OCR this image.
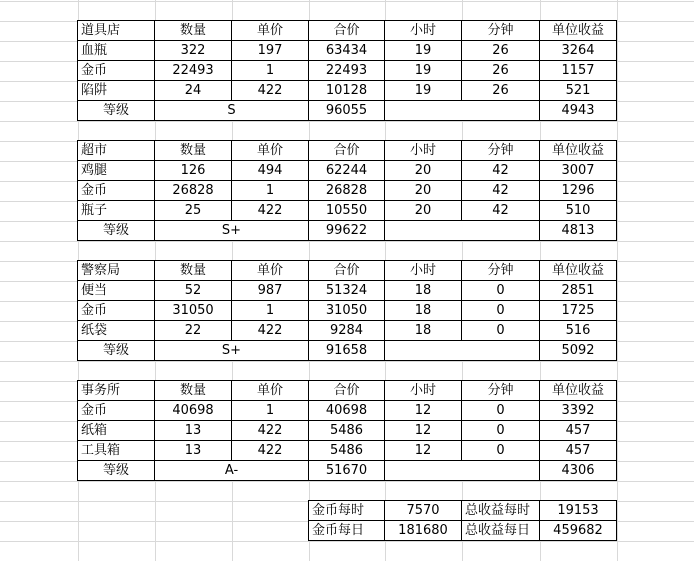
道具店	数量	单价	合价	小时	分钟	单位收益
血瓶	322	197	63434	19	26	3264
金币	22493	1	22493	19	26	1157
陷阱	24	422	10128	19	26	521
等级	S	96055	4943
超市	数量	单价	合价	小时	分钟	单位收益
鸡腿	126	494	62244	20	42	3007
金币	26828	1	26828	20	42	1296
瓶子	25	422	10550	20	42	510
等级	S+	99622	4813
警察局	数量	单价	合价	小时	分钟	单位收益
便当	52	987	51324	18	0	2851
金币	31050	1	31050	18	0	1725
纸袋	22	422	9284	18	0	516
等级	S+	91658	5092
事务所	数量	单价	合价	小时	分钟	单位收益
金币	40698	1	40698	12	0	3392
纸箱	13	422	5486	12	0	457
工具箱	13	422	5486	12	0	457
等级	A-	51670	4306
金币每时	7570	总收益每时	19153
金币每日	181680	总收益每日	459682
